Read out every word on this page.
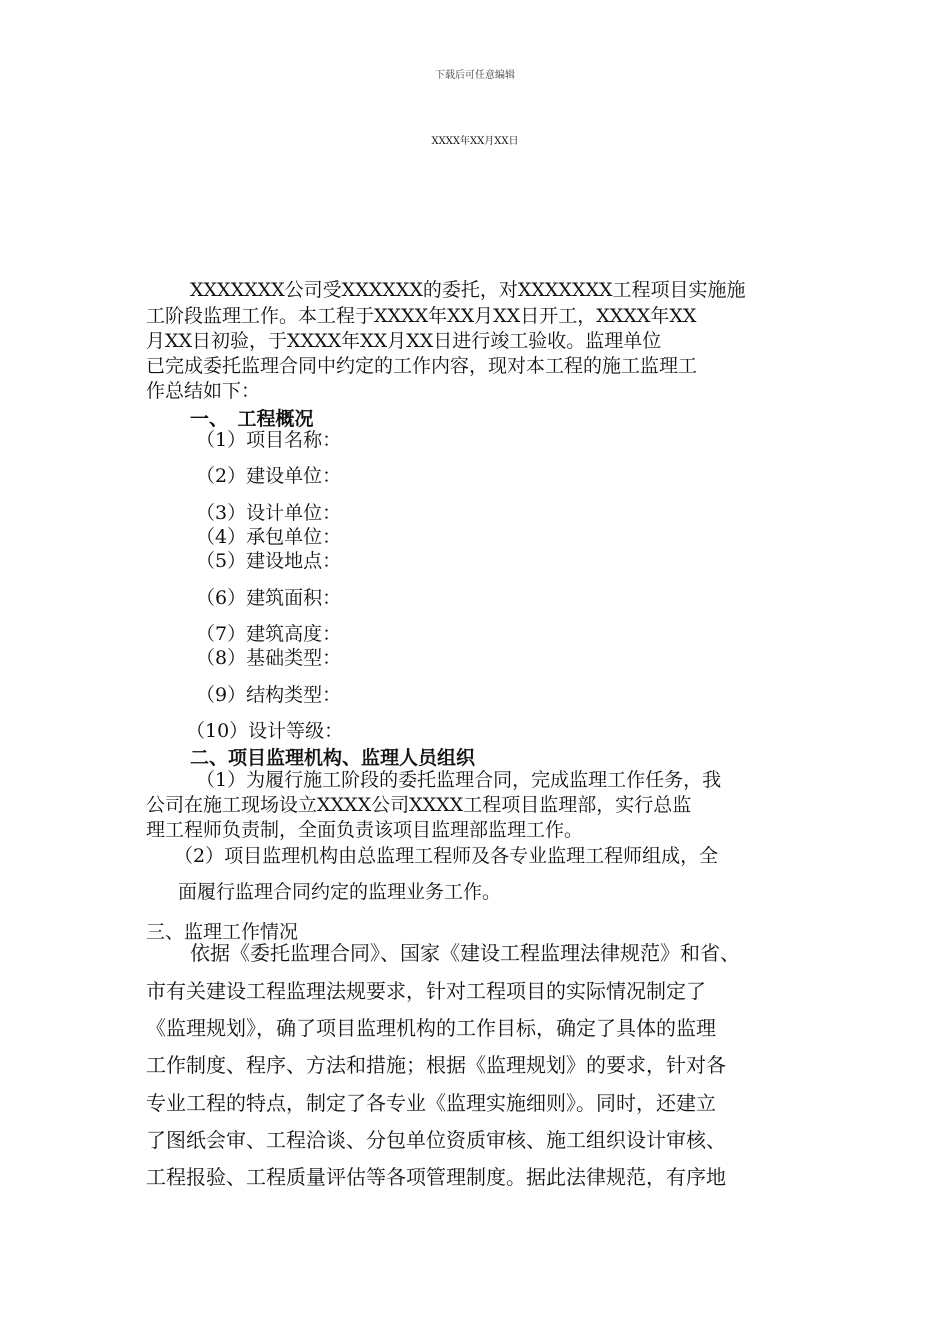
下载后可任意编辑
XXXX年XX月XX日
XXXXXXX公司受XXXXXX的委托，对XXXXXXX工程项目实施施
工阶段监理工作。本工程于XXXX年XX月XX日开工，XXXX年XX
月XX日初验，于XXXX年XX月XX日进行竣工验收。监理单位
已完成委托监理合同中约定的工作内容，现对本工程的施工监理工
作总结如下：
一、　工程概况
（1）项目名称：
（2）建设单位：
（3）设计单位：
（4）承包单位：
（5）建设地点：
（6）建筑面积：
（7）建筑高度：
（8）基础类型：
（9）结构类型：
（10）设计等级：
二、项目监理机构、监理人员组织
（1）为履行施工阶段的委托监理合同，完成监理工作任务，我
公司在施工现场设立XXXX公司XXXX工程项目监理部，实行总监
理工程师负责制，全面负责该项目监理部监理工作。
（2）项目监理机构由总监理工程师及各专业监理工程师组成，全
面履行监理合同约定的监理业务工作。
三、监理工作情况
依据《委托监理合同》、国家《建设工程监理法律规范》和省、
市有关建设工程监理法规要求，针对工程项目的实际情况制定了
《监理规划》，确了项目监理机构的工作目标，确定了具体的监理
工作制度、程序、方法和措施；根据《监理规划》的要求，针对各
专业工程的特点，制定了各专业《监理实施细则》。同时，还建立
了图纸会审、工程洽谈、分包单位资质审核、施工组织设计审核、
工程报验、工程质量评估等各项管理制度。据此法律规范，有序地
